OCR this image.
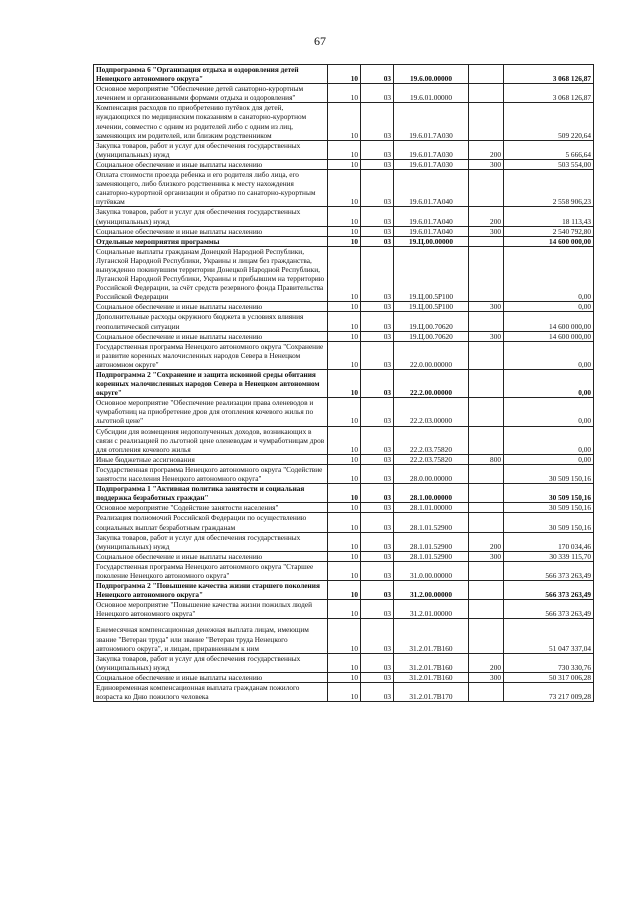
67
Подпрограмма 6 "Организация отдыха и оздоровления детей Ненецкого автономного округа"	10	03	19.6.00.00000		3 068 126,87
Основное мероприятие "Обеспечение детей санаторно-курортным лечением и организованными формами отдыха и оздоровления"	10	03	19.6.01.00000		3 068 126,87
Компенсация расходов по приобретению путёвок для детей, нуждающихся по медицинским показаниям в санаторно-курортном лечении, совместно с одним из родителей либо с одним из лиц, заменяющих им родителей, или близким родственником	10	03	19.6.01.7А030		509 220,64
Закупка товаров, работ и услуг для обеспечения государственных (муниципальных) нужд	10	03	19.6.01.7А030	200	5 666,64
Социальное обеспечение и иные выплаты населению	10	03	19.6.01.7А030	300	503 554,00
Оплата стоимости проезда ребенка и его родителя либо лица, его заменяющего, либо близкого родственника к месту нахождения санаторно-курортной организации и обратно по санаторно-курортным путёвкам	10	03	19.6.01.7А040		2 558 906,23
Закупка товаров, работ и услуг для обеспечения государственных (муниципальных) нужд	10	03	19.6.01.7А040	200	18 113,43
Социальное обеспечение и иные выплаты населению	10	03	19.6.01.7А040	300	2 540 792,80
Отдельные мероприятия программы	10	03	19.Ц.00.00000		14 600 000,00
Социальные выплаты гражданам Донецкой Народной Республики, Луганской Народной Республики, Украины и лицам без гражданства, вынужденно покинувшим территории Донецкой Народной Республики, Луганской Народной Республики, Украины и прибывшим на территорию Российской Федерации, за счёт средств резервного фонда Правительства Российской Федерации	10	03	19.Ц.00.5Р100		0,00
Социальное обеспечение и иные выплаты населению	10	03	19.Ц.00.5Р100	300	0,00
Дополнительные расходы окружного бюджета в условиях влияния геополитической ситуации	10	03	19.Ц.00.70620		14 600 000,00
Социальное обеспечение и иные выплаты населению	10	03	19.Ц.00.70620	300	14 600 000,00
Государственная программа Ненецкого автономного округа "Сохранение и развитие коренных малочисленных народов Севера в Ненецком автономном округе"	10	03	22.0.00.00000		0,00
Подпрограмма 2 "Сохранение и защита исконной среды обитания коренных малочисленных народов Севера в Ненецком автономном округе"	10	03	22.2.00.00000		0,00
Основное мероприятие "Обеспечение реализации права оленеводов и чумработниц на приобретение дров для отопления кочевого жилья по льготной цене"	10	03	22.2.03.00000		0,00
Субсидии для возмещения недополученных доходов, возникающих в связи с реализацией по льготной цене оленеводам и чумработницам дров для отопления кочевого жилья	10	03	22.2.03.75820		0,00
Иные бюджетные ассигнования	10	03	22.2.03.75820	800	0,00
Государственная программа Ненецкого автономного округа "Содействие занятости населения Ненецкого автономного округа"	10	03	28.0.00.00000		30 509 150,16
Подпрограмма 1 "Активная политика занятости и социальная поддержка безработных граждан"	10	03	28.1.00.00000		30 509 150,16
Основное мероприятие "Содействие занятости населения"	10	03	28.1.01.00000		30 509 150,16
Реализация полномочий Российской Федерации по осуществлению социальных выплат безработным гражданам	10	03	28.1.01.52900		30 509 150,16
Закупка товаров, работ и услуг для обеспечения государственных (муниципальных) нужд	10	03	28.1.01.52900	200	170 034,46
Социальное обеспечение и иные выплаты населению	10	03	28.1.01.52900	300	30 339 115,70
Государственная программа Ненецкого автономного округа "Старшее поколение Ненецкого автономного округа"	10	03	31.0.00.00000		566 373 263,49
Подпрограмма 2 "Повышение качества жизни старшего поколения Ненецкого автономного округа"	10	03	31.2.00.00000		566 373 263,49
Основное мероприятие "Повышение качества жизни пожилых людей Ненецкого автономного округа"	10	03	31.2.01.00000		566 373 263,49
Ежемесячная компенсационная денежная выплата лицам, имеющим звание "Ветеран труда" или звание "Ветеран труда Ненецкого автономного округа", и лицам, приравненным к ним	10	03	31.2.01.7В160		51 047 337,04
Закупка товаров, работ и услуг для обеспечения государственных (муниципальных) нужд	10	03	31.2.01.7В160	200	730 330,76
Социальное обеспечение и иные выплаты населению	10	03	31.2.01.7В160	300	50 317 006,28
Единовременная компенсационная выплата гражданам пожилого возраста ко Дню пожилого человека	10	03	31.2.01.7В170		73 217 009,28
